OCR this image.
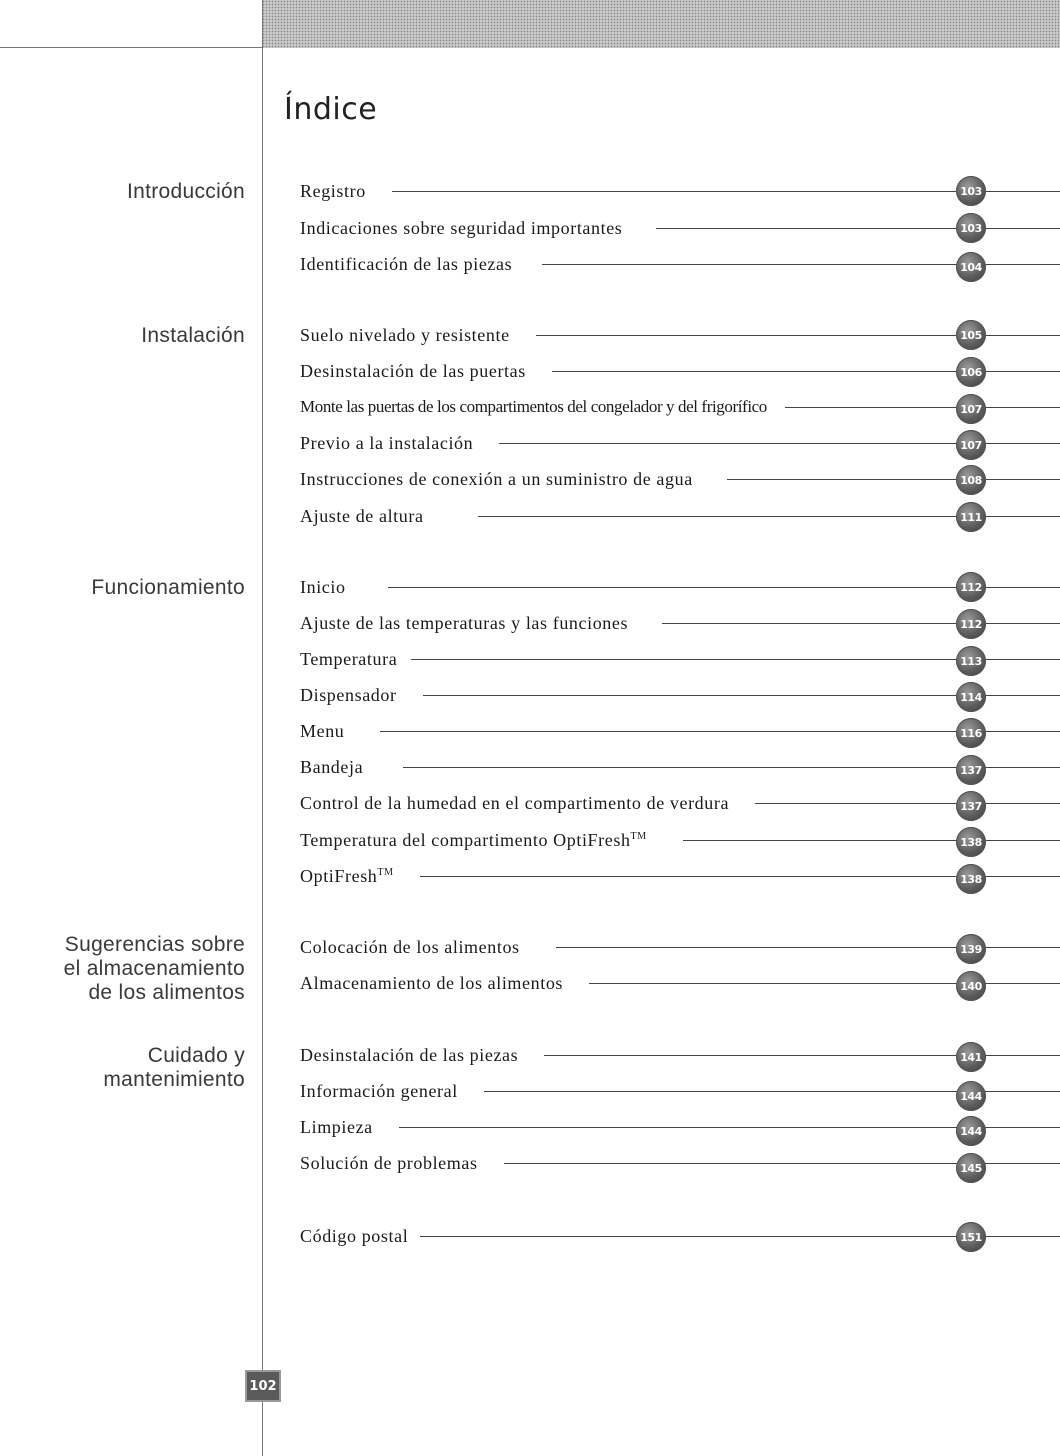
Índice
Introducción
Instalación
Funcionamiento
Sugerencias sobre
el almacenamiento
de los alimentos
Cuidado y
mantenimiento
Registro
Indicaciones sobre seguridad importantes
Identificación de las piezas
Suelo nivelado y resistente
Desinstalación de las puertas
Monte las puertas de los compartimentos del congelador y del frigorífico
Previo a la instalación
Instrucciones de conexión a un suministro de agua
Ajuste de altura
Inicio
Ajuste de las temperaturas y las funciones
Temperatura
Dispensador
Menu
Bandeja
Control de la humedad en el compartimento de verdura
Temperatura del compartimento OptiFresh™
OptiFresh™
Colocación de los alimentos
Almacenamiento de los alimentos
Desinstalación de las piezas
Información general
Limpieza
Solución de problemas
Código postal
103
103
104
105
106
107
107
108
111
112
112
113
114
116
137
137
138
138
139
140
141
144
144
145
151
102
